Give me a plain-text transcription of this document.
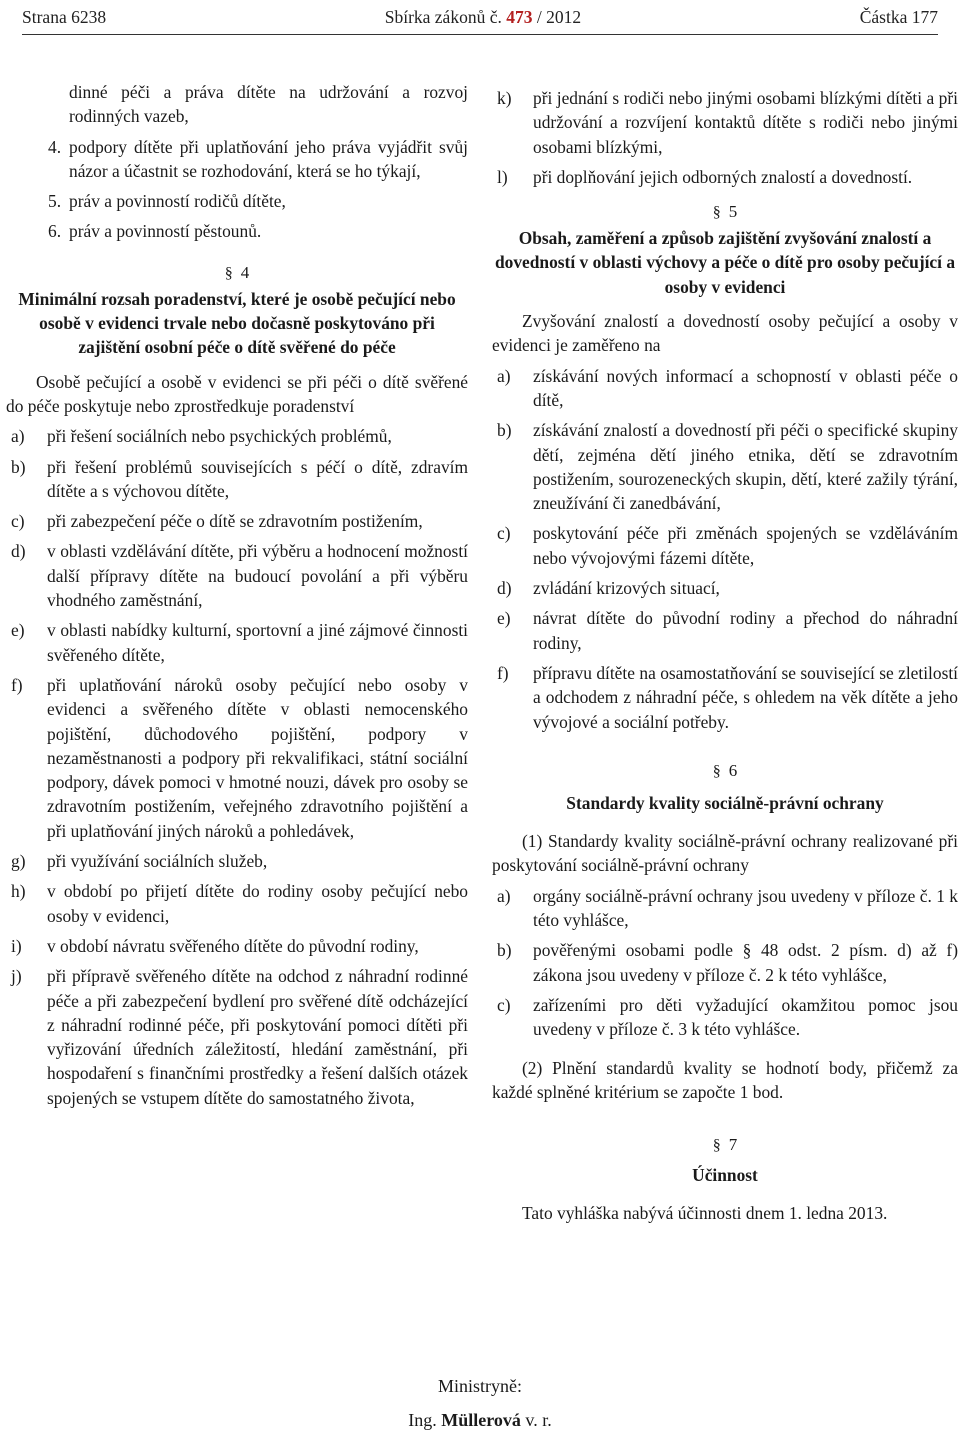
Strana 6238	Sbírka zákonů č. 473 / 2012	Částka 177
dinné péči a práva dítěte na udržování a rozvoj rodinných vazeb,
4. podpory dítěte při uplatňování jeho práva vyjádřit svůj názor a účastnit se rozhodování, která se ho týkají,
5. práv a povinností rodičů dítěte,
6. práv a povinností pěstounů.
§ 4
Minimální rozsah poradenství, které je osobě pečující nebo osobě v evidenci trvale nebo dočasně poskytováno při zajištění osobní péče o dítě svěřené do péče
Osobě pečující a osobě v evidenci se při péči o dítě svěřené do péče poskytuje nebo zprostředkuje poradenství
a)	při řešení sociálních nebo psychických problémů,
b)	při řešení problémů souvisejících s péčí o dítě, zdravím dítěte a s výchovou dítěte,
c)	při zabezpečení péče o dítě se zdravotním postižením,
d)	v oblasti vzdělávání dítěte, při výběru a hodnocení možností další přípravy dítěte na budoucí povolání a při výběru vhodného zaměstnání,
e)	v oblasti nabídky kulturní, sportovní a jiné zájmové činnosti svěřeného dítěte,
f)	při uplatňování nároků osoby pečující nebo osoby v evidenci a svěřeného dítěte v oblasti nemocenského pojištění, důchodového pojištění, podpory v nezaměstnanosti a podpory při rekvalifikaci, státní sociální podpory, dávek pomoci v hmotné nouzi, dávek pro osoby se zdravotním postižením, veřejného zdravotního pojištění a při uplatňování jiných nároků a pohledávek,
g)	při využívání sociálních služeb,
h)	v období po přijetí dítěte do rodiny osoby pečující nebo osoby v evidenci,
i)	v období návratu svěřeného dítěte do původní rodiny,
j)	při přípravě svěřeného dítěte na odchod z náhradní rodinné péče a při zabezpečení bydlení pro svěřené dítě odcházející z náhradní rodinné péče, při poskytování pomoci dítěti při vyřizování úředních záležitostí, hledání zaměstnání, při hospodaření s finančními prostředky a řešení dalších otázek spojených se vstupem dítěte do samostatného života,
k)	při jednání s rodiči nebo jinými osobami blízkými dítěti a při udržování a rozvíjení kontaktů dítěte s rodiči nebo jinými osobami blízkými,
l)	při doplňování jejich odborných znalostí a dovedností.
§ 5
Obsah, zaměření a způsob zajištění zvyšování znalostí a dovedností v oblasti výchovy a péče o dítě pro osoby pečující a osoby v evidenci
Zvyšování znalostí a dovedností osoby pečující a osoby v evidenci je zaměřeno na
a)	získávání nových informací a schopností v oblasti péče o dítě,
b)	získávání znalostí a dovedností při péči o specifické skupiny dětí, zejména dětí jiného etnika, dětí se zdravotním postižením, sourozeneckých skupin, dětí, které zažily týrání, zneužívání či zanedbávání,
c)	poskytování péče při změnách spojených se vzděláváním nebo vývojovými fázemi dítěte,
d)	zvládání krizových situací,
e)	návrat dítěte do původní rodiny a přechod do náhradní rodiny,
f)	přípravu dítěte na osamostatňování se související se zletilostí a odchodem z náhradní péče, s ohledem na věk dítěte a jeho vývojové a sociální potřeby.
§ 6
Standardy kvality sociálně-právní ochrany
(1) Standardy kvality sociálně-právní ochrany realizované při poskytování sociálně-právní ochrany
a)	orgány sociálně-právní ochrany jsou uvedeny v příloze č. 1 k této vyhlášce,
b)	pověřenými osobami podle § 48 odst. 2 písm. d) až f) zákona jsou uvedeny v příloze č. 2 k této vyhlášce,
c)	zařízeními pro děti vyžadující okamžitou pomoc jsou uvedeny v příloze č. 3 k této vyhlášce.
(2) Plnění standardů kvality se hodnotí body, přičemž za každé splněné kritérium se započte 1 bod.
§ 7
Účinnost
Tato vyhláška nabývá účinnosti dnem 1. ledna 2013.
Ministryně:
Ing. Müllerová v. r.
